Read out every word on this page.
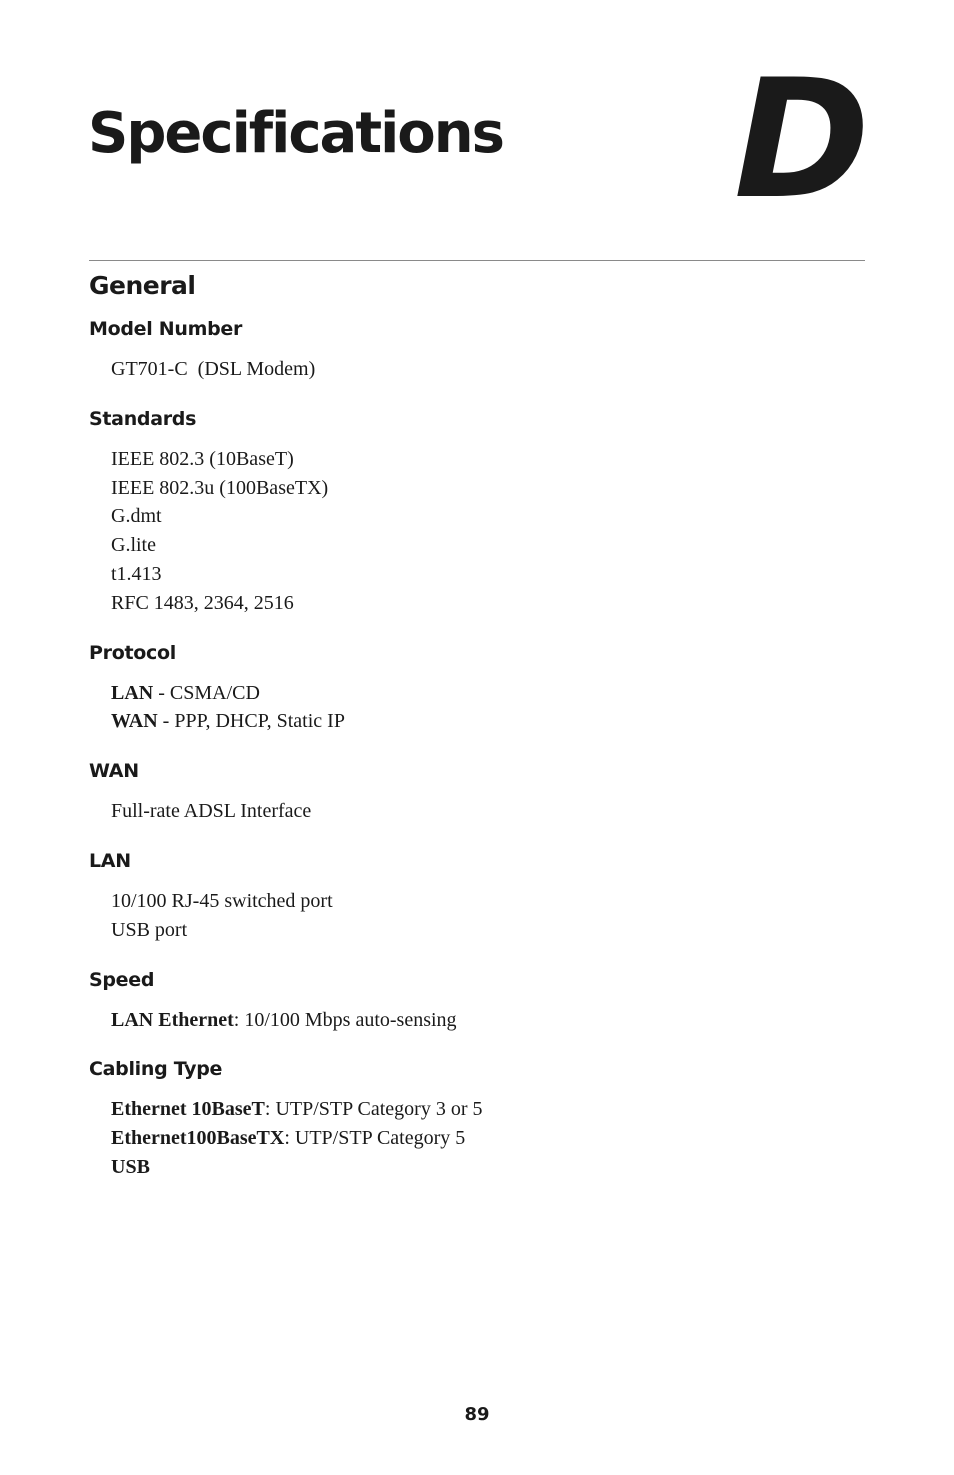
Specifications D
General
Model Number

GT701-C  (DSL Modem)

Standards

IEEE 802.3 (10BaseT)
IEEE 802.3u (100BaseTX)
G.dmt
G.lite
t1.413
RFC 1483, 2364, 2516

Protocol

LAN - CSMA/CD
WAN - PPP, DHCP, Static IP

WAN

Full-rate ADSL Interface

LAN

10/100 RJ-45 switched port
USB port

Speed

LAN Ethernet: 10/100 Mbps auto-sensing

Cabling Type

Ethernet 10BaseT: UTP/STP Category 3 or 5
Ethernet100BaseTX: UTP/STP Category 5
USB

89
